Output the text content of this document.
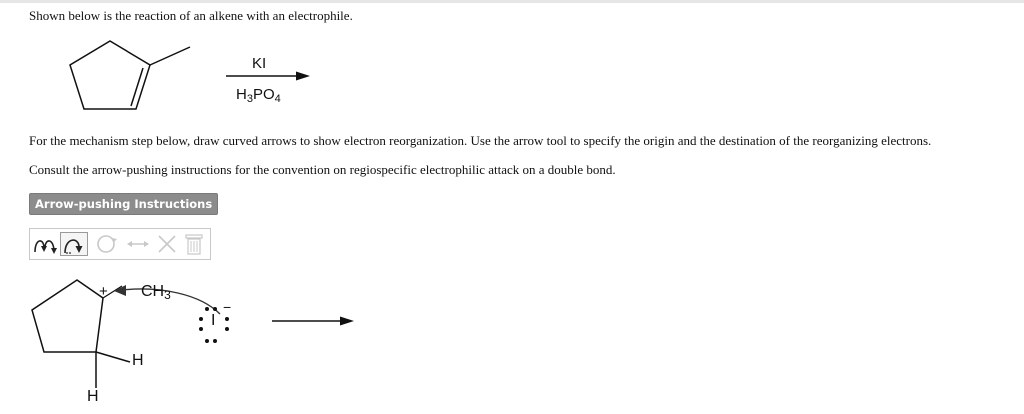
Shown below is the reaction of an alkene with an electrophile.
KI
$H_3PO_4$
For the mechanism step below, draw curved arrows to show electron reorganization. Use the arrow tool to specify the origin and the destination of the reorganizing electrons.
Consult the arrow-pushing instructions for the convention on regiospecific electrophilic attack on a double bond.
Arrow-pushing Instructions
+ $CH_3$
H
H
I
−
